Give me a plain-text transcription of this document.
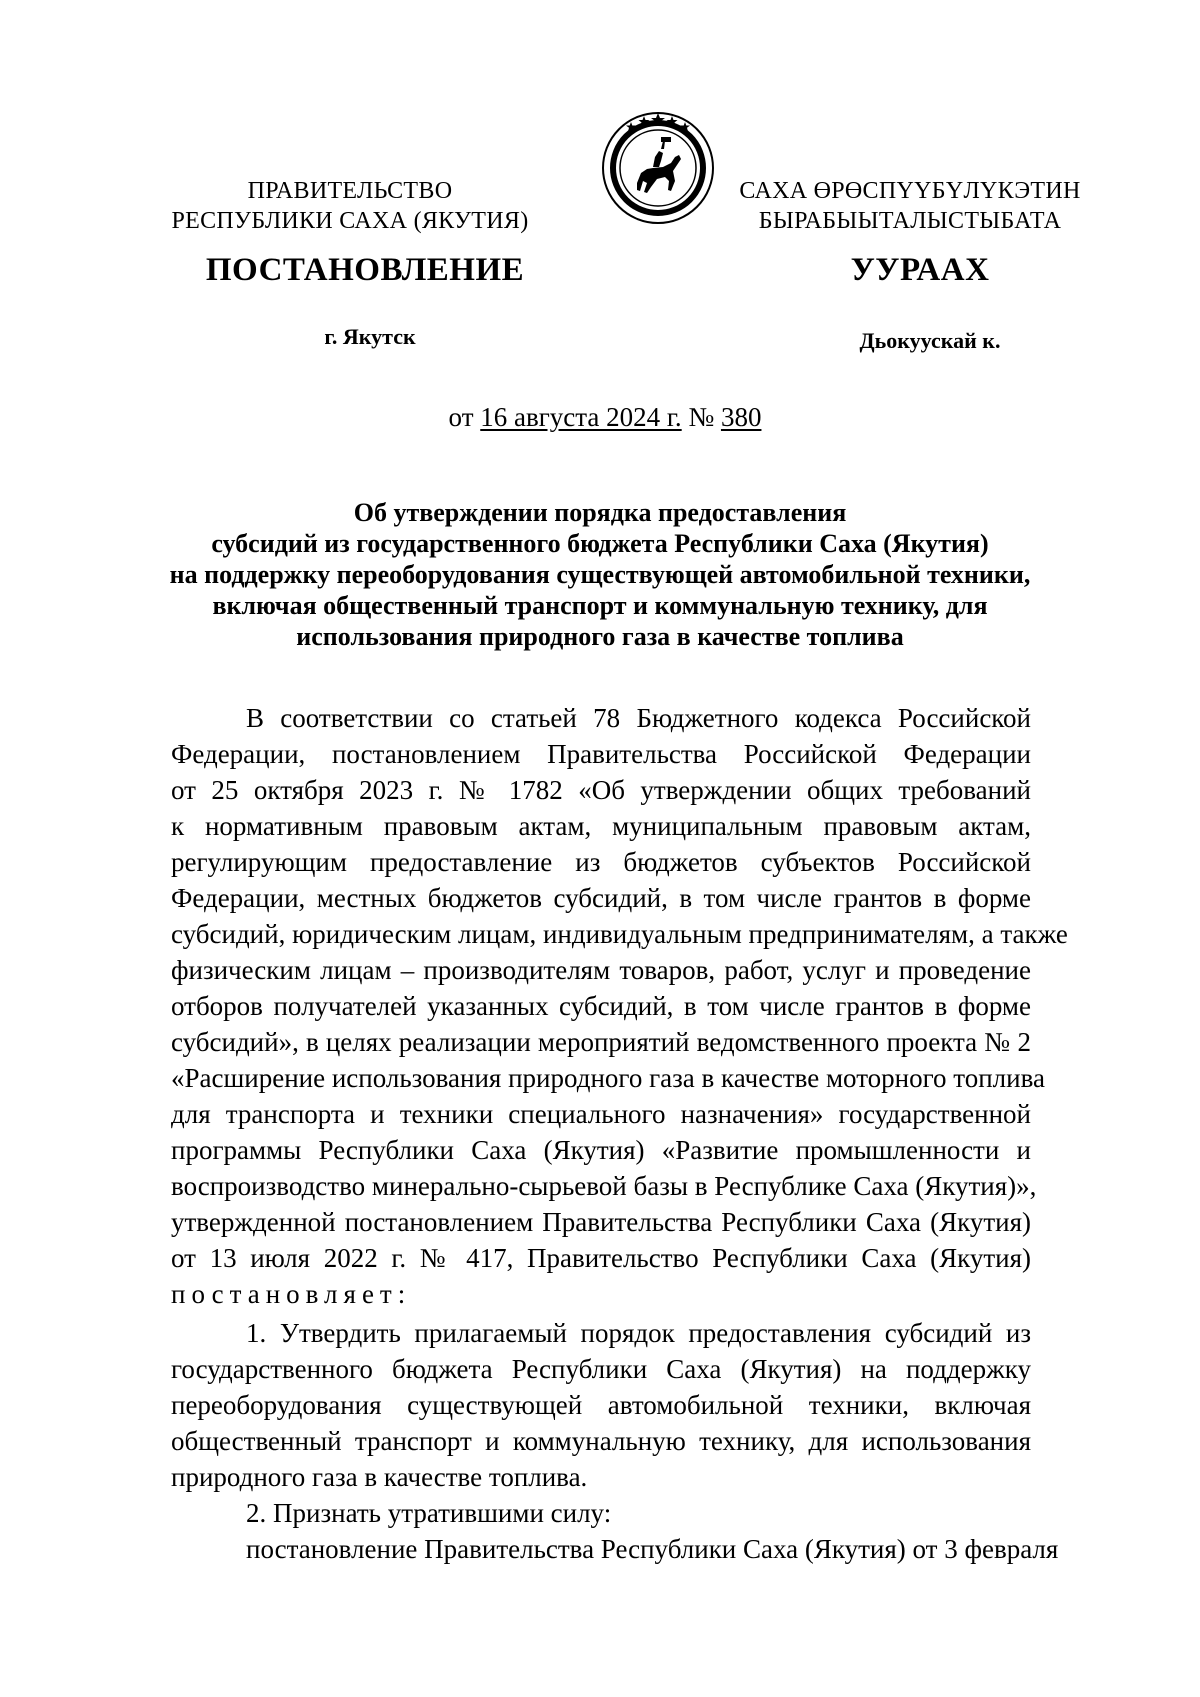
ПРАВИТЕЛЬСТВО
РЕСПУБЛИКИ САХА (ЯКУТИЯ)
САХА ӨРӨСПҮҮБҮЛҮКЭТИН
БЫРАБЫЫТАЛЫСТЫБАТА
ПОСТАНОВЛЕНИЕ	УУРААХ
г. Якутск	Дьокуускай к.
от 16 августа 2024 г. № 380
Об утверждении порядка предоставления
субсидий из государственного бюджета Республики Саха (Якутия)
на поддержку переоборудования существующей автомобильной техники,
включая общественный транспорт и коммунальную технику, для
использования природного газа в качестве топлива
В соответствии со статьей 78 Бюджетного кодекса Российской
Федерации, постановлением Правительства Российской Федерации
от 25 октября 2023 г. № 1782 «Об утверждении общих требований
к нормативным правовым актам, муниципальным правовым актам,
регулирующим предоставление из бюджетов субъектов Российской
Федерации, местных бюджетов субсидий, в том числе грантов в форме
субсидий, юридическим лицам, индивидуальным предпринимателям, а также
физическим лицам – производителям товаров, работ, услуг и проведение
отборов получателей указанных субсидий, в том числе грантов в форме
субсидий», в целях реализации мероприятий ведомственного проекта № 2
«Расширение использования природного газа в качестве моторного топлива
для транспорта и техники специального назначения» государственной
программы Республики Саха (Якутия) «Развитие промышленности и
воспроизводство минерально-сырьевой базы в Республике Саха (Якутия)»,
утвержденной постановлением Правительства Республики Саха (Якутия)
от 13 июля 2022 г. № 417, Правительство Республики Саха (Якутия)
постановляет:
1. Утвердить прилагаемый порядок предоставления субсидий из
государственного бюджета Республики Саха (Якутия) на поддержку
переоборудования существующей автомобильной техники, включая
общественный транспорт и коммунальную технику, для использования
природного газа в качестве топлива.
2. Признать утратившими силу:
постановление Правительства Республики Саха (Якутия) от 3 февраля
